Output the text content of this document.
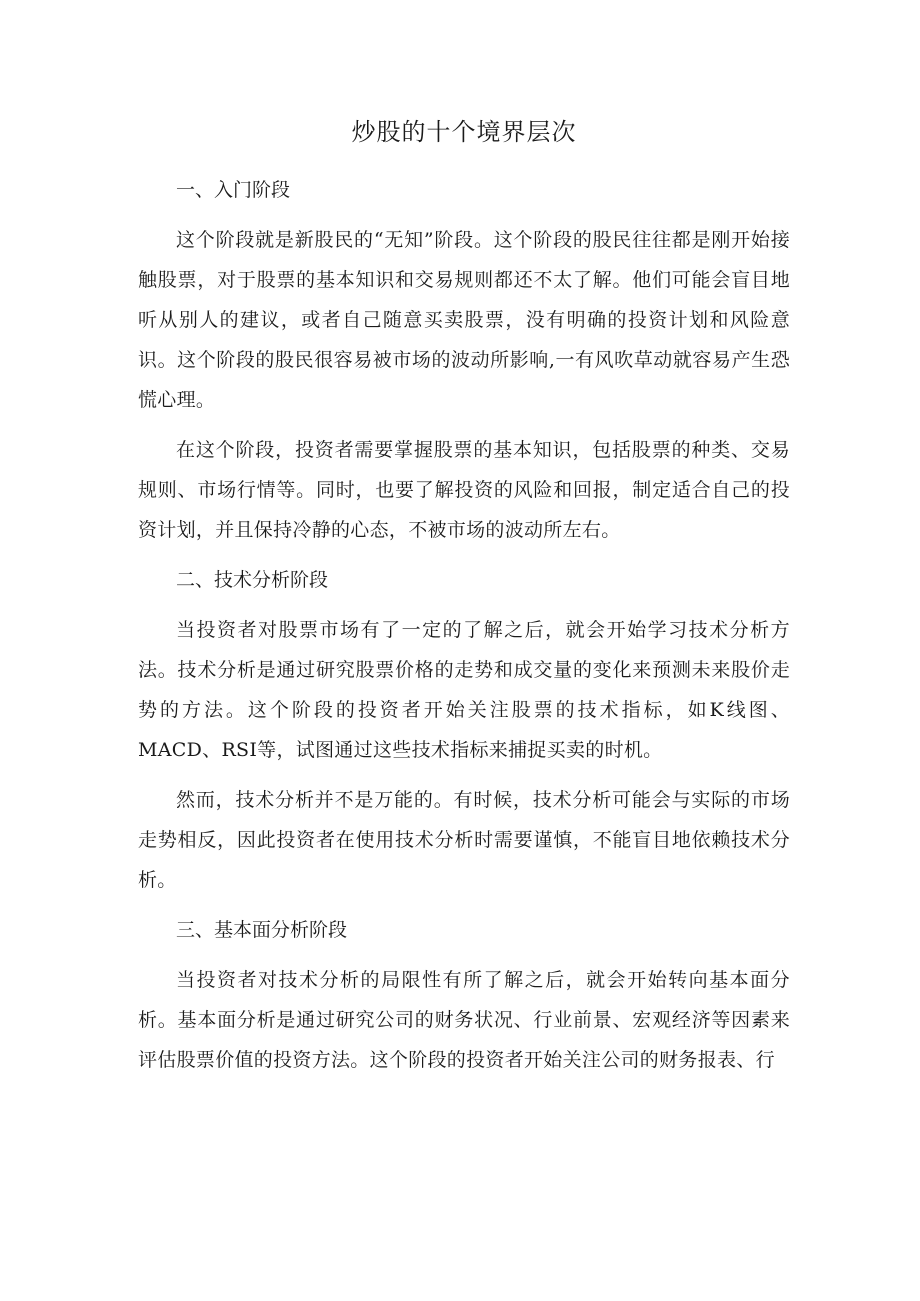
炒股的十个境界层次

一、入门阶段

这个阶段就是新股民的“无知”阶段。这个阶段的股民往往都是刚开始接触股票，对于股票的基本知识和交易规则都还不太了解。他们可能会盲目地听从别人的建议，或者自己随意买卖股票，没有明确的投资计划和风险意识。这个阶段的股民很容易被市场的波动所影响,一有风吹草动就容易产生恐慌心理。

在这个阶段，投资者需要掌握股票的基本知识，包括股票的种类、交易规则、市场行情等。同时，也要了解投资的风险和回报，制定适合自己的投资计划，并且保持冷静的心态，不被市场的波动所左右。

二、技术分析阶段

当投资者对股票市场有了一定的了解之后，就会开始学习技术分析方法。技术分析是通过研究股票价格的走势和成交量的变化来预测未来股价走势的方法。这个阶段的投资者开始关注股票的技术指标，如K线图、MACD、RSI等，试图通过这些技术指标来捕捉买卖的时机。

然而，技术分析并不是万能的。有时候，技术分析可能会与实际的市场走势相反，因此投资者在使用技术分析时需要谨慎，不能盲目地依赖技术分析。

三、基本面分析阶段

当投资者对技术分析的局限性有所了解之后，就会开始转向基本面分析。基本面分析是通过研究公司的财务状况、行业前景、宏观经济等因素来评估股票价值的投资方法。这个阶段的投资者开始关注公司的财务报表、行
